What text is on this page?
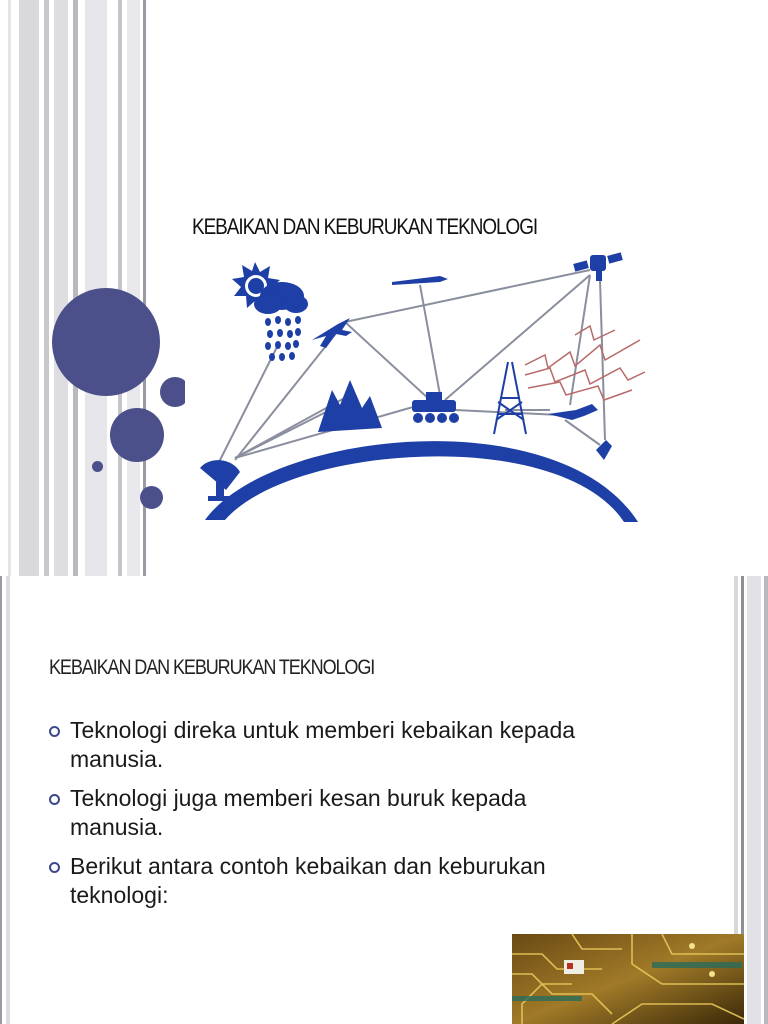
KEBAIKAN DAN KEBURUKAN TEKNOLOGI
KEBAIKAN DAN KEBURUKAN TEKNOLOGI
Teknologi direka untuk memberi kebaikan kepada
manusia.
Teknologi juga memberi kesan buruk kepada
manusia.
Berikut antara contoh kebaikan dan keburukan
teknologi:
